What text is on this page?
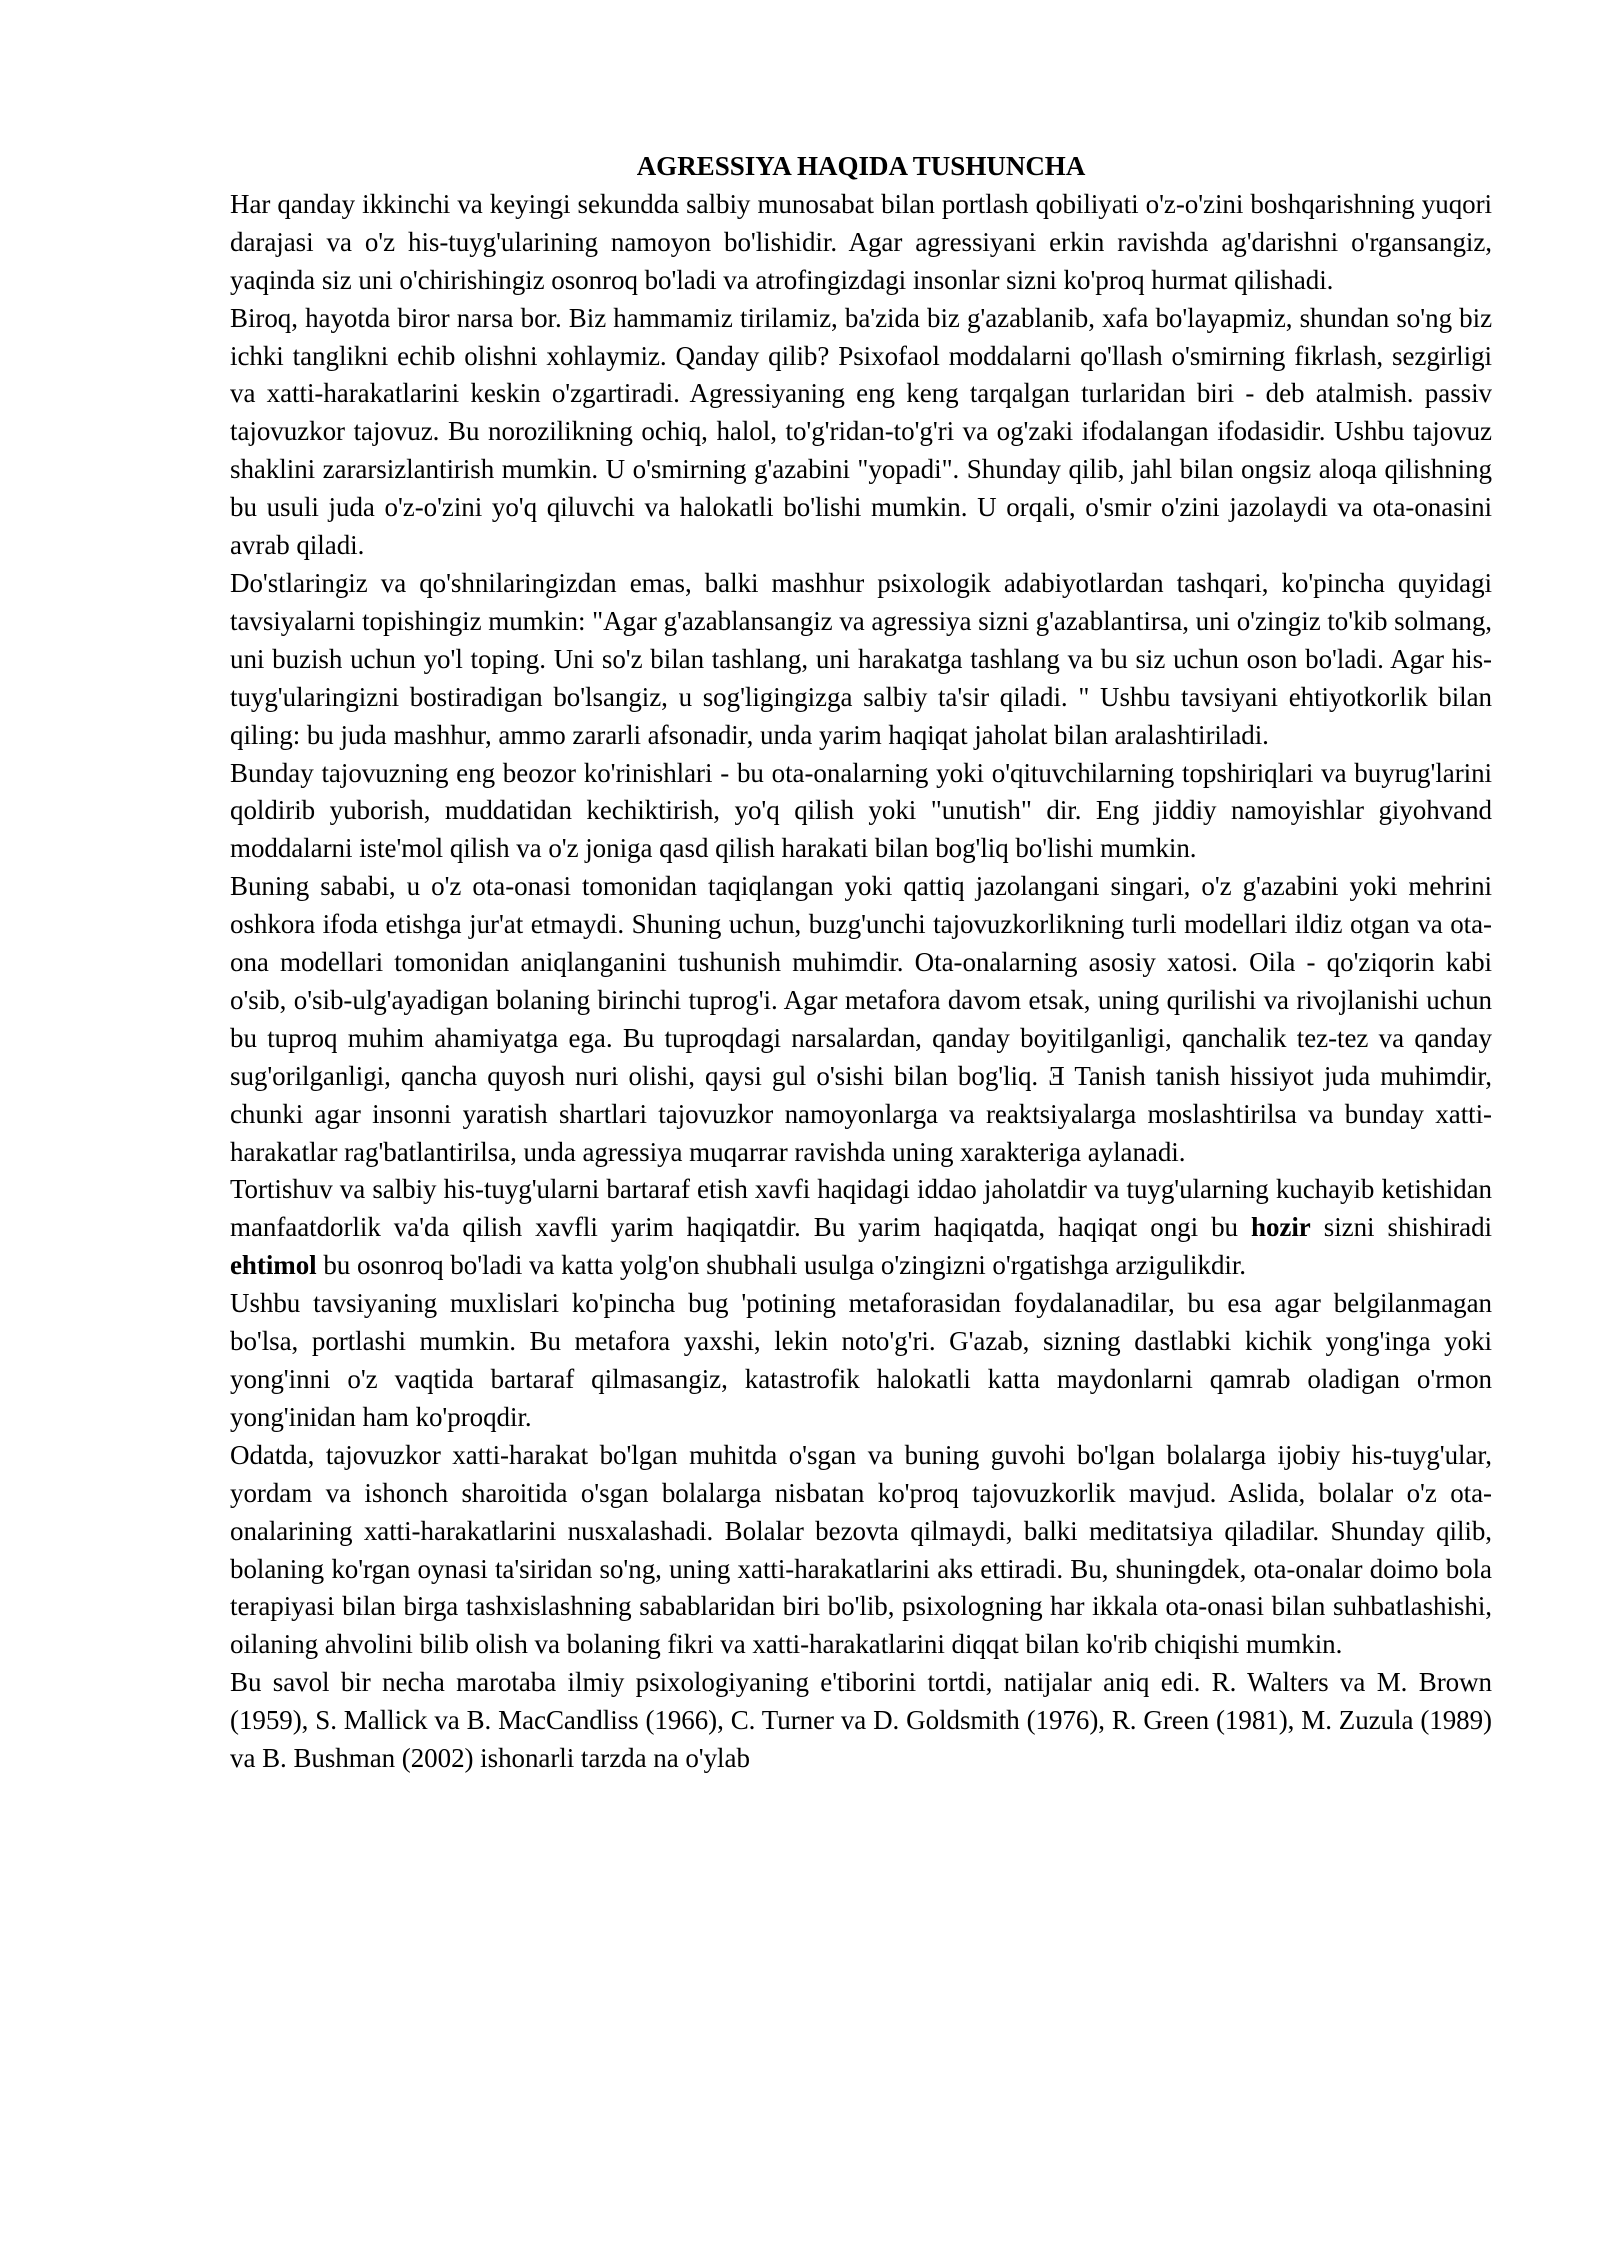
AGRESSIYA HAQIDA TUSHUNCHA

Har qanday ikkinchi va keyingi sekundda salbiy munosabat bilan portlash qobiliyati o'z-o'zini boshqarishning yuqori darajasi va o'z his-tuyg'ularining namoyon bo'lishidir. Agar agressiyani erkin ravishda ag'darishni o'rgansangiz, yaqinda siz uni o'chirishingiz osonroq bo'ladi va atrofingizdagi insonlar sizni ko'proq hurmat qilishadi.

Biroq, hayotda biror narsa bor. Biz hammamiz tirilamiz, ba'zida biz g'azablanib, xafa bo'layapmiz, shundan so'ng biz ichki tanglikni echib olishni xohlaymiz. Qanday qilib? Psixofaol moddalarni qo'llash o'smirning fikrlash, sezgirligi va xatti-harakatlarini keskin o'zgartiradi. Agressiyaning eng keng tarqalgan turlaridan biri - deb atalmish. passiv tajovuzkor tajovuz. Bu norozilikning ochiq, halol, to'g'ridan-to'g'ri va og'zaki ifodalangan ifodasidir. Ushbu tajovuz shaklini zararsizlantirish mumkin. U o'smirning g'azabini "yopadi". Shunday qilib, jahl bilan ongsiz aloqa qilishning bu usuli juda o'z-o'zini yo'q qiluvchi va halokatli bo'lishi mumkin. U orqali, o'smir o'zini jazolaydi va ota-onasini avrab qiladi.

Do'stlaringiz va qo'shnilaringizdan emas, balki mashhur psixologik adabiyotlardan tashqari, ko'pincha quyidagi tavsiyalarni topishingiz mumkin: "Agar g'azablansangiz va agressiya sizni g'azablantirsa, uni o'zingiz to'kib solmang, uni buzish uchun yo'l toping. Uni so'z bilan tashlang, uni harakatga tashlang va bu siz uchun oson bo'ladi. Agar his-tuyg'ularingizni bostiradigan bo'lsangiz, u sog'ligingizga salbiy ta'sir qiladi. " Ushbu tavsiyani ehtiyotkorlik bilan qiling: bu juda mashhur, ammo zararli afsonadir, unda yarim haqiqat jaholat bilan aralashtiriladi.

Bunday tajovuzning eng beozor ko'rinishlari - bu ota-onalarning yoki o'qituvchilarning topshiriqlari va buyrug'larini qoldirib yuborish, muddatidan kechiktirish, yo'q qilish yoki "unutish" dir. Eng jiddiy namoyishlar giyohvand moddalarni iste'mol qilish va o'z joniga qasd qilish harakati bilan bog'liq bo'lishi mumkin.

Buning sababi, u o'z ota-onasi tomonidan taqiqlangan yoki qattiq jazolangani singari, o'z g'azabini yoki mehrini oshkora ifoda etishga jur'at etmaydi. Shuning uchun, buzg'unchi tajovuzkorlikning turli modellari ildiz otgan va ota-ona modellari tomonidan aniqlanganini tushunish muhimdir. Ota-onalarning asosiy xatosi. Oila - qo'ziqorin kabi o'sib, o'sib-ulg'ayadigan bolaning birinchi tuprog'i. Agar metafora davom etsak, uning qurilishi va rivojlanishi uchun bu tuproq muhim ahamiyatga ega. Bu tuproqdagi narsalardan, qanday boyitilganligi, qanchalik tez-tez va qanday sug'orilganligi, qancha quyosh nuri olishi, qaysi gul o'sishi bilan bog'liq. Ǝ Tanish tanish hissiyot juda muhimdir, chunki agar insonni yaratish shartlari tajovuzkor namoyonlarga va reaktsiyalarga moslashtirilsa va bunday xatti-harakatlar rag'batlantirilsa, unda agressiya muqarrar ravishda uning xarakteriga aylanadi.

Tortishuv va salbiy his-tuyg'ularni bartaraf etish xavfi haqidagi iddao jaholatdir va tuyg'ularning kuchayib ketishidan manfaatdorlik va'da qilish xavfli yarim haqiqatdir. Bu yarim haqiqatda, haqiqat ongi bu hozir sizni shishiradi ehtimol bu osonroq bo'ladi va katta yolg'on shubhali usulga o'zingizni o'rgatishga arzigulikdir.

Ushbu tavsiyaning muxlislari ko'pincha bug 'potining metaforasidan foydalanadilar, bu esa agar belgilanmagan bo'lsa, portlashi mumkin. Bu metafora yaxshi, lekin noto'g'ri. G'azab, sizning dastlabki kichik yong'inga yoki yong'inni o'z vaqtida bartaraf qilmasangiz, katastrofik halokatli katta maydonlarni qamrab oladigan o'rmon yong'inidan ham ko'proqdir.

Odatda, tajovuzkor xatti-harakat bo'lgan muhitda o'sgan va buning guvohi bo'lgan bolalarga ijobiy his-tuyg'ular, yordam va ishonch sharoitida o'sgan bolalarga nisbatan ko'proq tajovuzkorlik mavjud. Aslida, bolalar o'z ota-onalarining xatti-harakatlarini nusxalashadi. Bolalar bezovta qilmaydi, balki meditatsiya qiladilar. Shunday qilib, bolaning ko'rgan oynasi ta'siridan so'ng, uning xatti-harakatlarini aks ettiradi. Bu, shuningdek, ota-onalar doimo bola terapiyasi bilan birga tashxislashning sabablaridan biri bo'lib, psixologning har ikkala ota-onasi bilan suhbatlashishi, oilaning ahvolini bilib olish va bolaning fikri va xatti-harakatlarini diqqat bilan ko'rib chiqishi mumkin.

Bu savol bir necha marotaba ilmiy psixologiyaning e'tiborini tortdi, natijalar aniq edi. R. Walters va M. Brown (1959), S. Mallick va B. MacCandliss (1966), C. Turner va D. Goldsmith (1976), R. Green (1981), M. Zuzula (1989) va B. Bushman (2002) ishonarli tarzda na o'ylab
